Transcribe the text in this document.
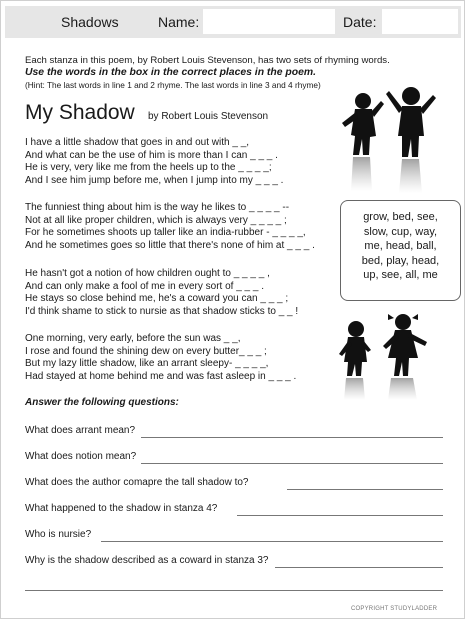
Shadows	Name:	Date:
Each stanza in this poem, by Robert Louis Stevenson, has two sets of rhyming words.
Use the words in the box in the correct places in the poem.
(Hint: The last words in line 1 and 2 rhyme. The last words in line 3 and 4 rhyme)
My Shadow by Robert Louis Stevenson
I have a little shadow that goes in and out with _ _,
And what can be the use of him is more than I can _ _ _ .
He is very, very like me from the heels up to the _ _ _ _;
And I see him jump before me, when I jump into my _ _ _ .
The funniest thing about him is the way he likes to _ _ _ _ --
Not at all like proper children, which is always very _ _ _ _ ;
For he sometimes shoots up taller like an india-rubber - _ _ _ _,
And he sometimes goes so little that there's none of him at _ _ _ .
He hasn't got a notion of how children ought to _ _ _ _ ,
And can only make a fool of me in every sort of _ _ _ .
He stays so close behind me, he's a coward you can _ _ _ ;
I'd think shame to stick to nursie as that shadow sticks to _ _ !
One morning, very early, before the sun was _ _,
I rose and found the shining dew on every butter_ _ _ ;
But my lazy little shadow, like an arrant sleepy- _ _ _ _,
Had stayed at home behind me and was fast asleep in _ _ _ .
grow, bed, see,
slow, cup, way,
me, head, ball,
bed, play, head,
up, see, all, me
Answer the following questions:
What does arrant mean?
What does notion mean?
What does the author comapre the tall shadow to?
What happened to the shadow in stanza 4?
Who is nursie?
Why is the shadow described as a coward in stanza 3?
COPYRIGHT STUDYLADDER
